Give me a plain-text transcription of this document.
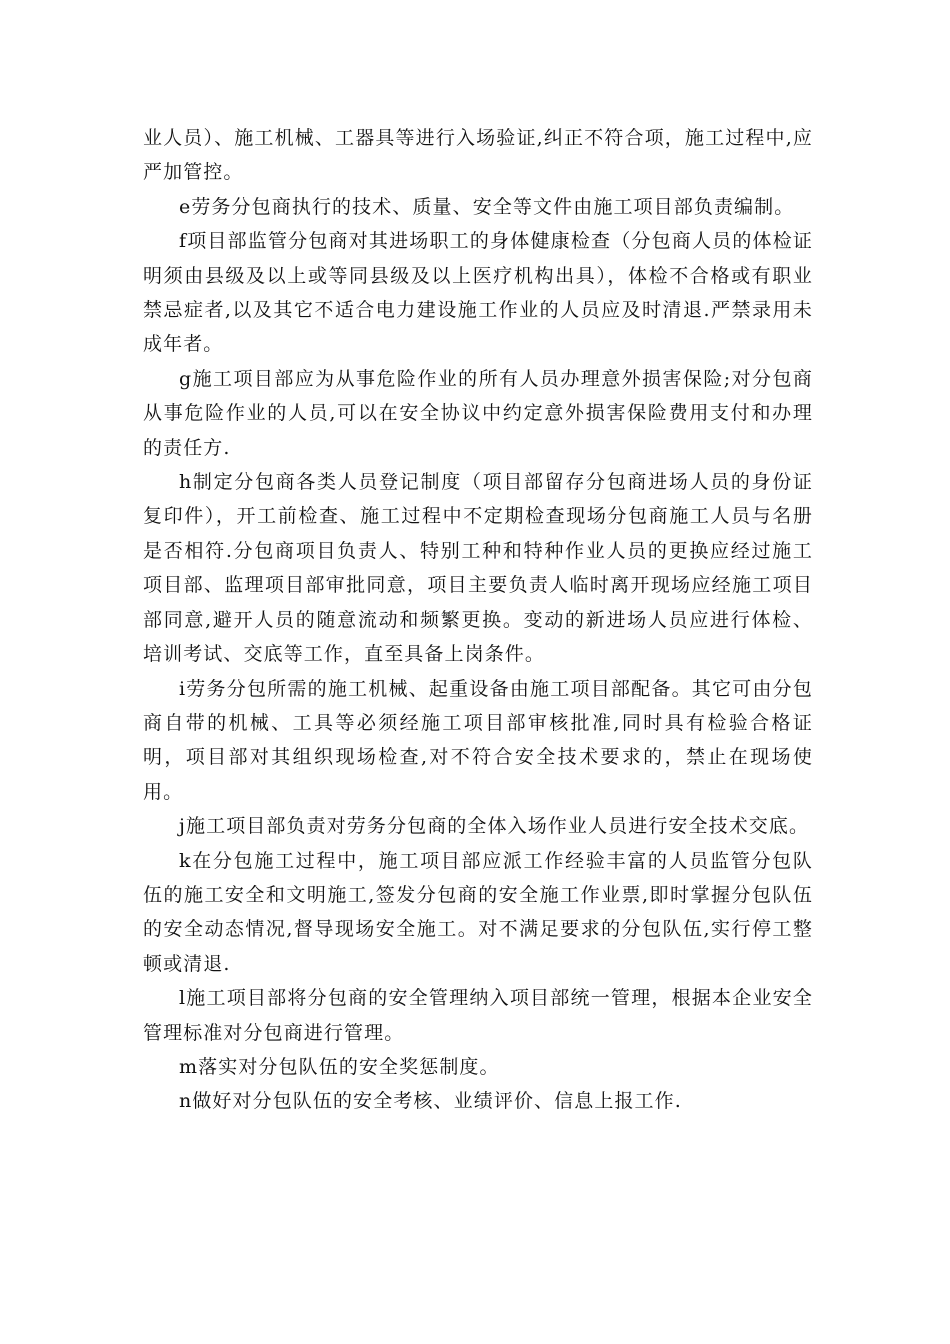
业人员）、施工机械、工器具等进行入场验证,纠正不符合项，施工过程中,应严加管控。

e劳务分包商执行的技术、质量、安全等文件由施工项目部负责编制。

f项目部监管分包商对其进场职工的身体健康检查（分包商人员的体检证明须由县级及以上或等同县级及以上医疗机构出具），体检不合格或有职业禁忌症者,以及其它不适合电力建设施工作业的人员应及时清退.严禁录用未成年者。

g施工项目部应为从事危险作业的所有人员办理意外损害保险;对分包商从事危险作业的人员,可以在安全协议中约定意外损害保险费用支付和办理的责任方.

h制定分包商各类人员登记制度（项目部留存分包商进场人员的身份证复印件），开工前检查、施工过程中不定期检查现场分包商施工人员与名册是否相符.分包商项目负责人、特别工种和特种作业人员的更换应经过施工项目部、监理项目部审批同意，项目主要负责人临时离开现场应经施工项目部同意,避开人员的随意流动和频繁更换。变动的新进场人员应进行体检、培训考试、交底等工作，直至具备上岗条件。

i劳务分包所需的施工机械、起重设备由施工项目部配备。其它可由分包商自带的机械、工具等必须经施工项目部审核批准,同时具有检验合格证明，项目部对其组织现场检查,对不符合安全技术要求的，禁止在现场使用。

j施工项目部负责对劳务分包商的全体入场作业人员进行安全技术交底。

k在分包施工过程中，施工项目部应派工作经验丰富的人员监管分包队伍的施工安全和文明施工,签发分包商的安全施工作业票,即时掌握分包队伍的安全动态情况,督导现场安全施工。对不满足要求的分包队伍,实行停工整顿或清退.

l施工项目部将分包商的安全管理纳入项目部统一管理，根据本企业安全管理标准对分包商进行管理。

m落实对分包队伍的安全奖惩制度。

n做好对分包队伍的安全考核、业绩评价、信息上报工作.
